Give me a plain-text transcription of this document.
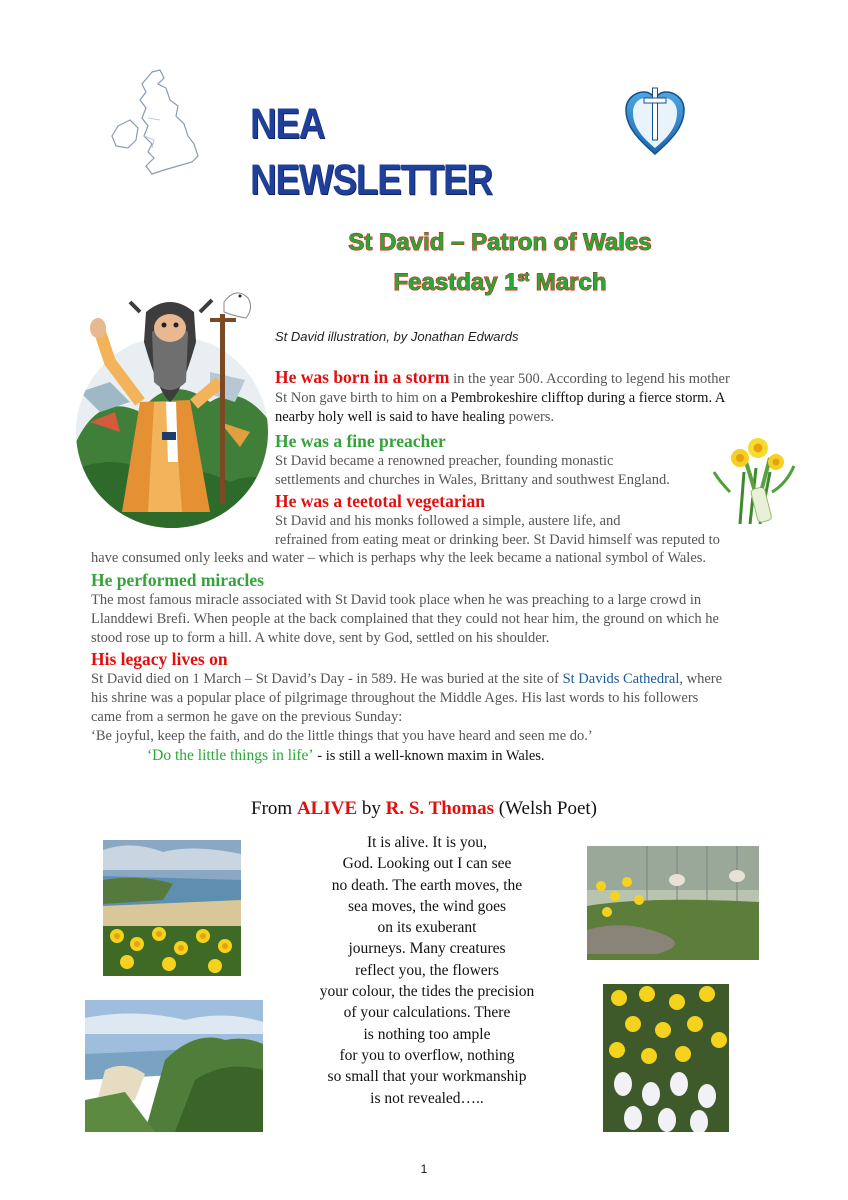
NEA NEWSLETTER
St David – Patron of Wales
Feastday 1st March
St David illustration, by Jonathan Edwards
He was born in a storm in the year 500. According to legend his mother
St Non gave birth to him on a Pembrokeshire clifftop during a fierce storm. A
nearby holy well is said to have healing powers.
He was a fine preacher
St David became a renowned preacher, founding monastic
settlements and churches in Wales, Brittany and southwest England.
He was a teetotal vegetarian
St David and his monks followed a simple, austere life, and
refrained from eating meat or drinking beer. St David himself was reputed to
have consumed only leeks and water – which is perhaps why the leek became a national symbol of Wales.
He performed miracles
The most famous miracle associated with St David took place when he was preaching to a large crowd in
Llanddewi Brefi. When people at the back complained that they could not hear him, the ground on which he
stood rose up to form a hill. A white dove, sent by God, settled on his shoulder.
His legacy lives on
St David died on 1 March – St David’s Day - in 589. He was buried at the site of St Davids Cathedral, where
his shrine was a popular place of pilgrimage throughout the Middle Ages. His last words to his followers
came from a sermon he gave on the previous Sunday:
‘Be joyful, keep the faith, and do the little things that you have heard and seen me do.’
‘Do the little things in life’ - is still a well-known maxim in Wales.
From ALIVE by R. S. Thomas (Welsh Poet)
It is alive. It is you,
God. Looking out I can see
no death. The earth moves, the
sea moves, the wind goes
on its exuberant
journeys. Many creatures
reflect you, the flowers
your colour, the tides the precision
of your calculations. There
is nothing too ample
for you to overflow, nothing
so small that your workmanship
is not revealed…..
1
